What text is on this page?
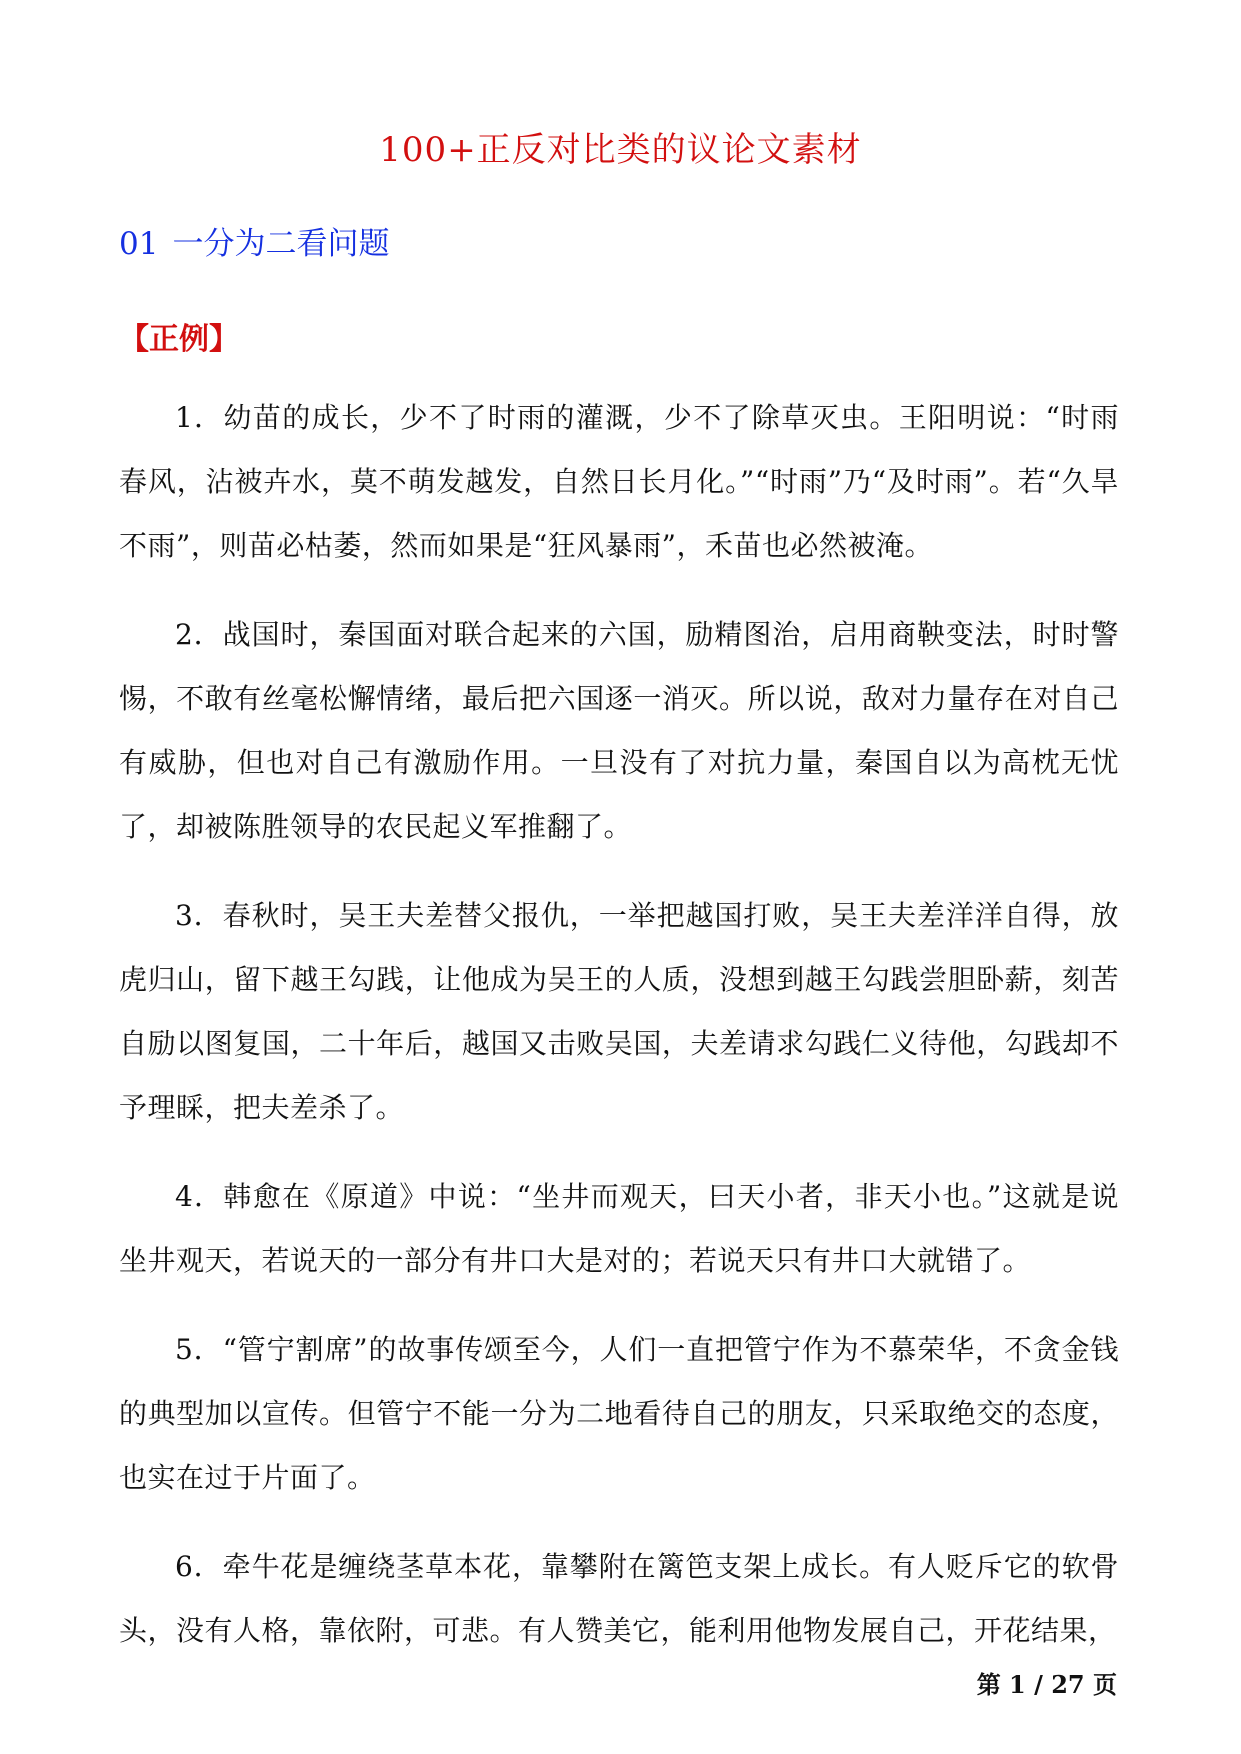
100+正反对比类的议论文素材
01 一分为二看问题
【正例】

1．幼苗的成长，少不了时雨的灌溉，少不了除草灭虫。王阳明说：“时雨春风，沾被卉水，莫不萌发越发，自然日长月化。”“时雨”乃“及时雨”。若“久旱不雨”，则苗必枯萎，然而如果是“狂风暴雨”，禾苗也必然被淹。

2．战国时，秦国面对联合起来的六国，励精图治，启用商鞅变法，时时警惕，不敢有丝毫松懈情绪，最后把六国逐一消灭。所以说，敌对力量存在对自己有威胁，但也对自己有激励作用。一旦没有了对抗力量，秦国自以为高枕无忧了，却被陈胜领导的农民起义军推翻了。

3．春秋时，吴王夫差替父报仇，一举把越国打败，吴王夫差洋洋自得，放虎归山，留下越王勾践，让他成为吴王的人质，没想到越王勾践尝胆卧薪，刻苦自励以图复国，二十年后，越国又击败吴国，夫差请求勾践仁义待他，勾践却不予理睬，把夫差杀了。

4．韩愈在《原道》中说：“坐井而观天，曰天小者，非天小也。”这就是说坐井观天，若说天的一部分有井口大是对的；若说天只有井口大就错了。

5．“管宁割席”的故事传颂至今，人们一直把管宁作为不慕荣华，不贪金钱的典型加以宣传。但管宁不能一分为二地看待自己的朋友，只采取绝交的态度，也实在过于片面了。

6．牵牛花是缠绕茎草本花，靠攀附在篱笆支架上成长。有人贬斥它的软骨头，没有人格，靠依附，可悲。有人赞美它，能利用他物发展自己，开花结果，

第 1 / 27 页
